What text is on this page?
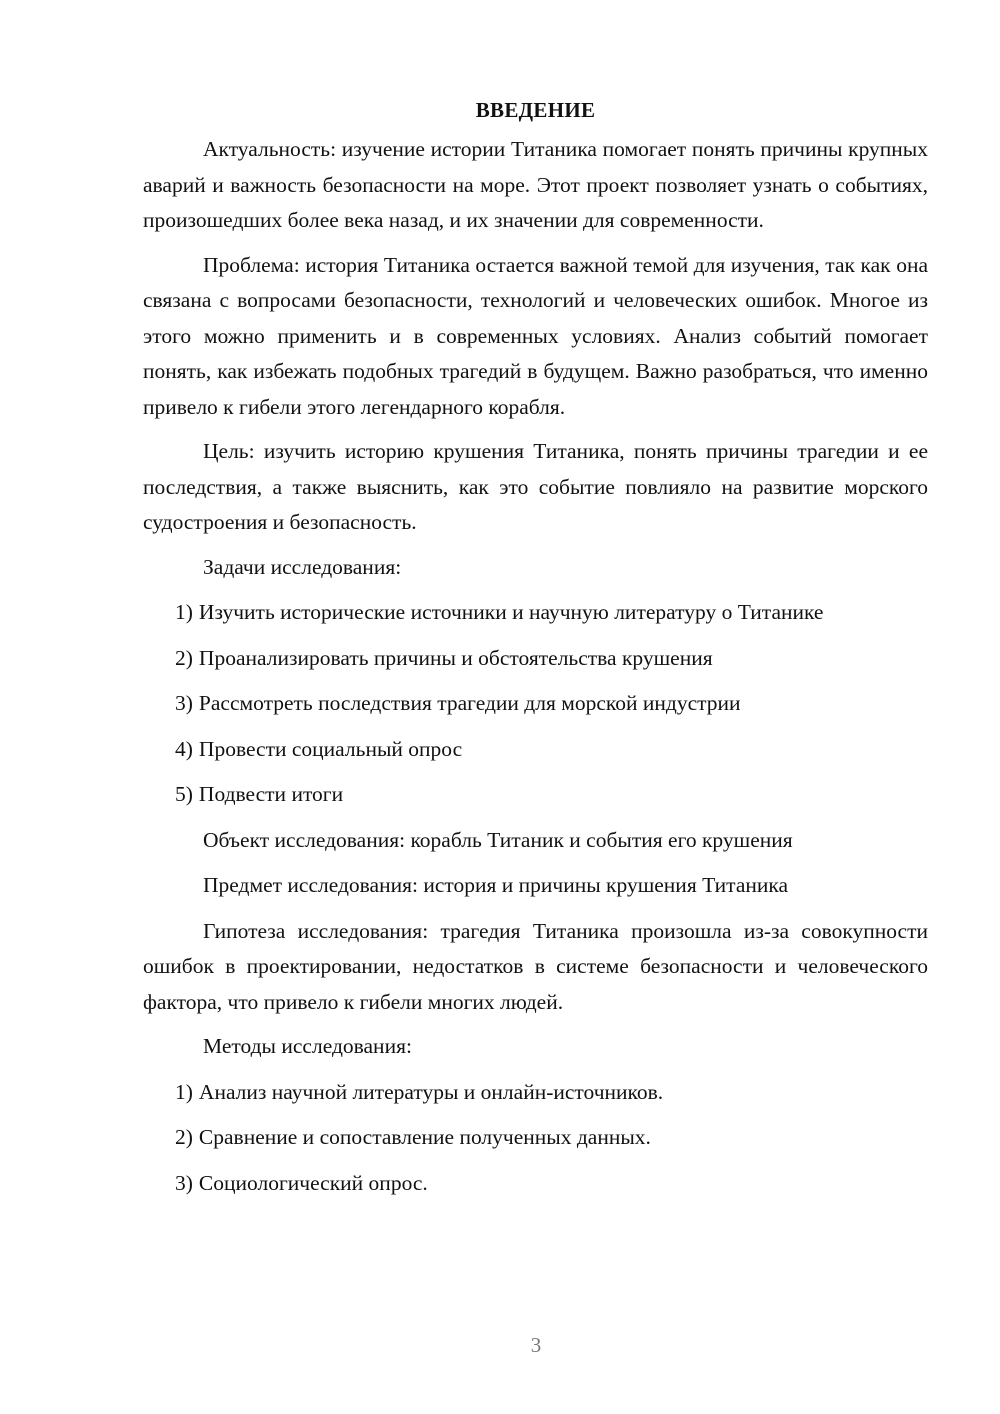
ВВЕДЕНИЕ

Актуальность: изучение истории Титаника помогает понять причины крупных аварий и важность безопасности на море. Этот проект позволяет узнать о событиях, произошедших более века назад, и их значении для современности.

Проблема: история Титаника остается важной темой для изучения, так как она связана с вопросами безопасности, технологий и человеческих ошибок. Многое из этого можно применить и в современных условиях. Анализ событий помогает понять, как избежать подобных трагедий в будущем. Важно разобраться, что именно привело к гибели этого легендарного корабля.

Цель: изучить историю крушения Титаника, понять причины трагедии и ее последствия, а также выяснить, как это событие повлияло на развитие морского судостроения и безопасность.

Задачи исследования:

1) Изучить исторические источники и научную литературу о Титанике
2) Проанализировать причины и обстоятельства крушения
3) Рассмотреть последствия трагедии для морской индустрии
4) Провести социальный опрос
5) Подвести итоги

Объект исследования: корабль Титаник и события его крушения

Предмет исследования: история и причины крушения Титаника

Гипотеза исследования: трагедия Титаника произошла из-за совокупности ошибок в проектировании, недостатков в системе безопасности и человеческого фактора, что привело к гибели многих людей.

Методы исследования:

1) Анализ научной литературы и онлайн-источников.
2) Сравнение и сопоставление полученных данных.
3) Социологический опрос.
3
